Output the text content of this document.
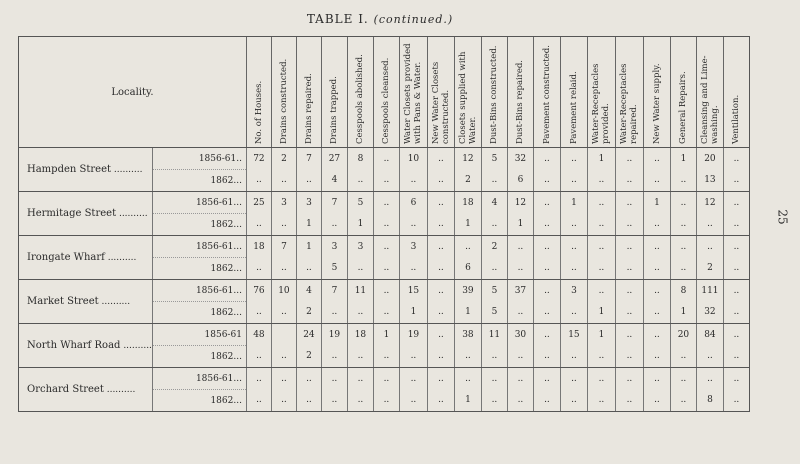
TABLE I. (continued.)
25
Locality.		No. of Houses.	Drains constructed.	Drains repaired.	Drains trapped.	Cesspools abolished.	Cesspools cleansed.	Water Closets provided with Pans & Water.	New Water Closets constructed.	Closets supplied with Water.	Dust-Bins constructed.	Dust-Bins repaired.	Pavement constructed.	Pavement relaid.	Water-Receptacles provided.	Water-Receptacles repaired.	New Water supply.	General Repairs.	Cleansing and Lime-washing.	Ventilation.
Hampden Street ..........	1856-61..	72	2	7	27	8	..	10	..	12	5	32	..	..	1	..	..	1	20	..
	1862...	..	..	..	4	..	..	..	..	2	..	6	..	..	..	..	..	..	13	..
Hermitage Street ..........	1856-61...	25	3	3	7	5	..	6	..	18	4	12	..	1	..	..	1	..	12	..
	1862...	..	..	1	..	1	..	..	..	1	..	1	..	..	..	..	..	..	..	..
Irongate Wharf ..........	1856-61...	18	7	1	3	3	..	3	..	..	2	..	..	..	..	..	..	..	..	..
	1862...	..	..	..	5	..	..	..	..	6	..	..	..	..	..	..	..	..	2	..
Market Street ..........	1856-61...	76	10	4	7	11	..	15	..	39	5	37	..	3	..	..	..	8	111	..
	1862...	..	..	2	..	..	..	1	..	1	5	..	..	..	1	..	..	1	32	..
North Wharf Road ..........	1856-61	48		24	19	18	1	19	..	38	11	30	..	15	1	..	..	20	84	..
	1862...	..	..	2	..	..	..	..	..	..	..	..	..	..	..	..	..	..	..	..
Orchard Street ..........	1856-61...	..	..	..	..	..	..	..	..	..	..	..	..	..	..	..	..	..	..	..
	1862...	..	..	..	..	..	..	..	..	1	..	..	..	..	..	..	..	..	8	..
